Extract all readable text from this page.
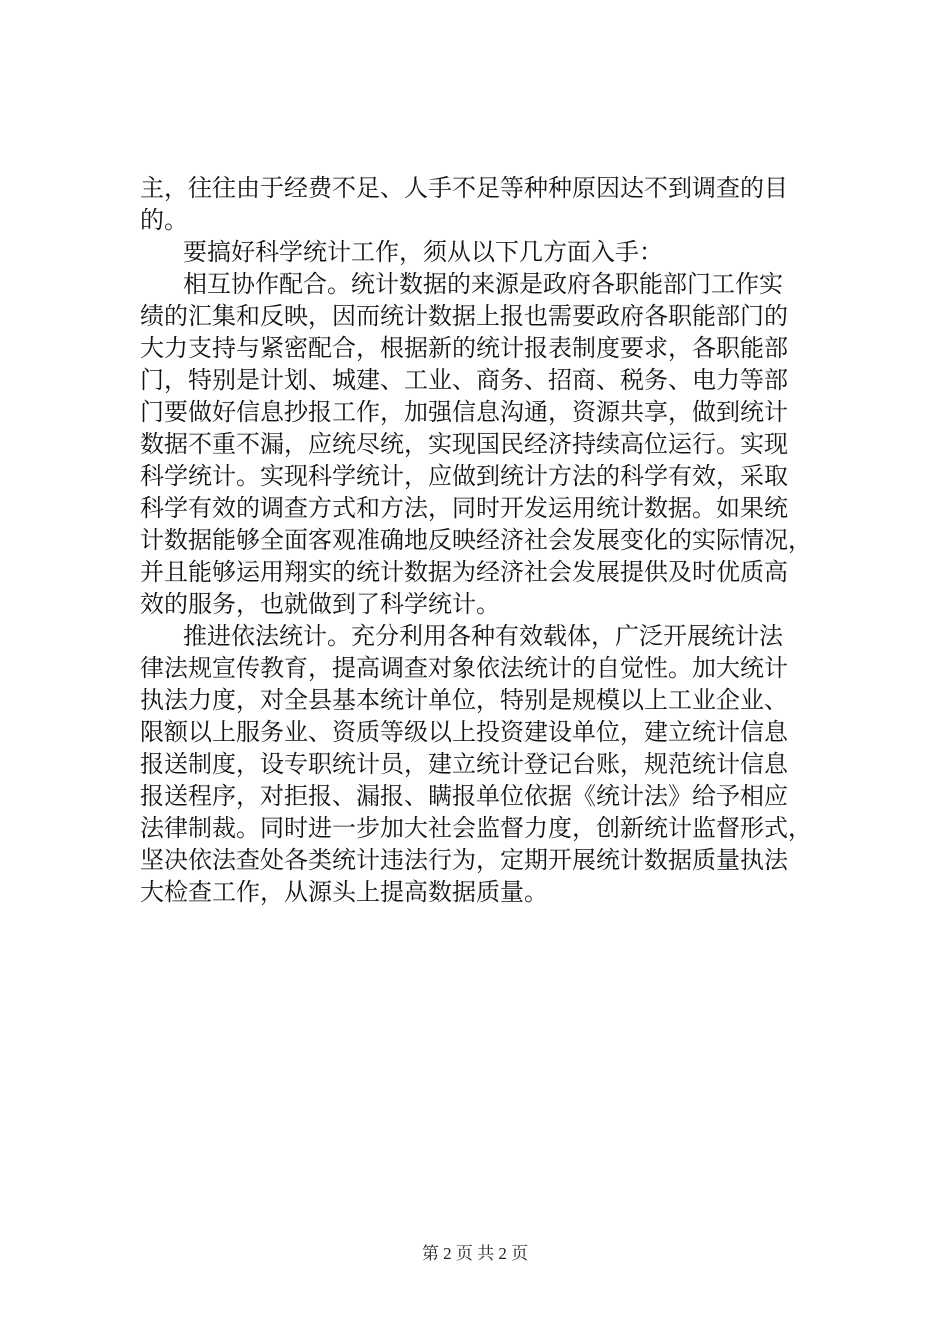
主，往往由于经费不足、人手不足等种种原因达不到调查的目
的。
要搞好科学统计工作，须从以下几方面入手：
相互协作配合。统计数据的来源是政府各职能部门工作实
绩的汇集和反映，因而统计数据上报也需要政府各职能部门的
大力支持与紧密配合，根据新的统计报表制度要求，各职能部
门，特别是计划、城建、工业、商务、招商、税务、电力等部
门要做好信息抄报工作，加强信息沟通，资源共享，做到统计
数据不重不漏，应统尽统，实现国民经济持续高位运行。实现
科学统计。实现科学统计，应做到统计方法的科学有效，采取
科学有效的调查方式和方法，同时开发运用统计数据。如果统
计数据能够全面客观准确地反映经济社会发展变化的实际情况，
并且能够运用翔实的统计数据为经济社会发展提供及时优质高
效的服务，也就做到了科学统计。
推进依法统计。充分利用各种有效载体，广泛开展统计法
律法规宣传教育，提高调查对象依法统计的自觉性。加大统计
执法力度，对全县基本统计单位，特别是规模以上工业企业、
限额以上服务业、资质等级以上投资建设单位，建立统计信息
报送制度，设专职统计员，建立统计登记台账，规范统计信息
报送程序，对拒报、漏报、瞒报单位依据《统计法》给予相应
法律制裁。同时进一步加大社会监督力度，创新统计监督形式，
坚决依法查处各类统计违法行为，定期开展统计数据质量执法
大检查工作，从源头上提高数据质量。
第 2 页 共 2 页
